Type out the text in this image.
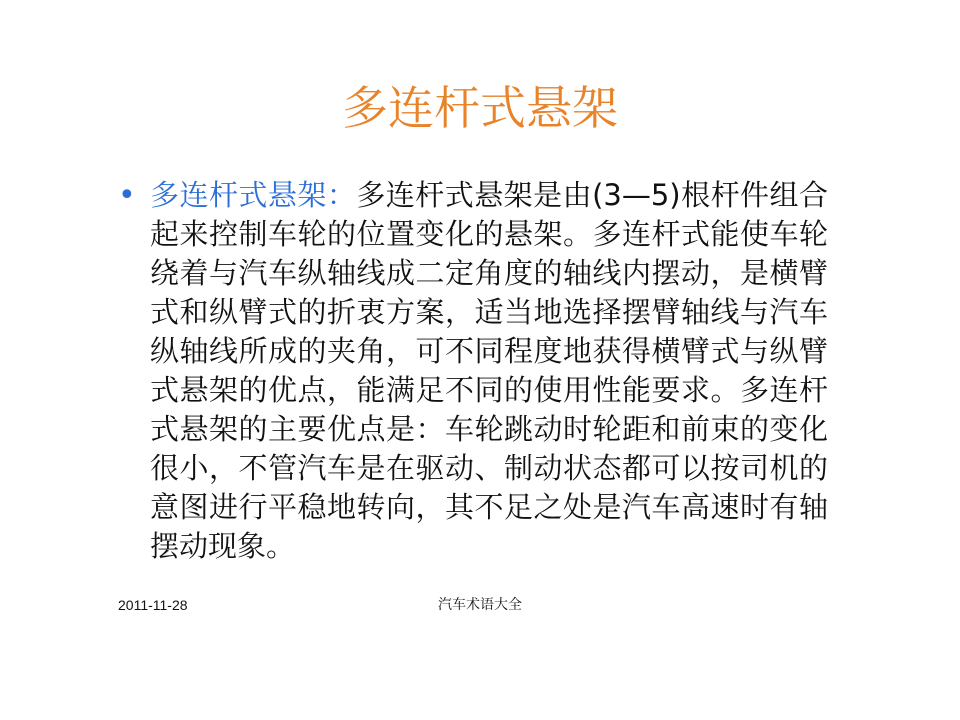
多连杆式悬架
• 多连杆式悬架：多连杆式悬架是由(3—5)根杆件组合起来控制车轮的位置变化的悬架。多连杆式能使车轮绕着与汽车纵轴线成二定角度的轴线内摆动，是横臂式和纵臂式的折衷方案，适当地选择摆臂轴线与汽车纵轴线所成的夹角，可不同程度地获得横臂式与纵臂式悬架的优点，能满足不同的使用性能要求。多连杆式悬架的主要优点是：车轮跳动时轮距和前束的变化很小，不管汽车是在驱动、制动状态都可以按司机的意图进行平稳地转向，其不足之处是汽车高速时有轴摆动现象。
2011-11-28	汽车术语大全
